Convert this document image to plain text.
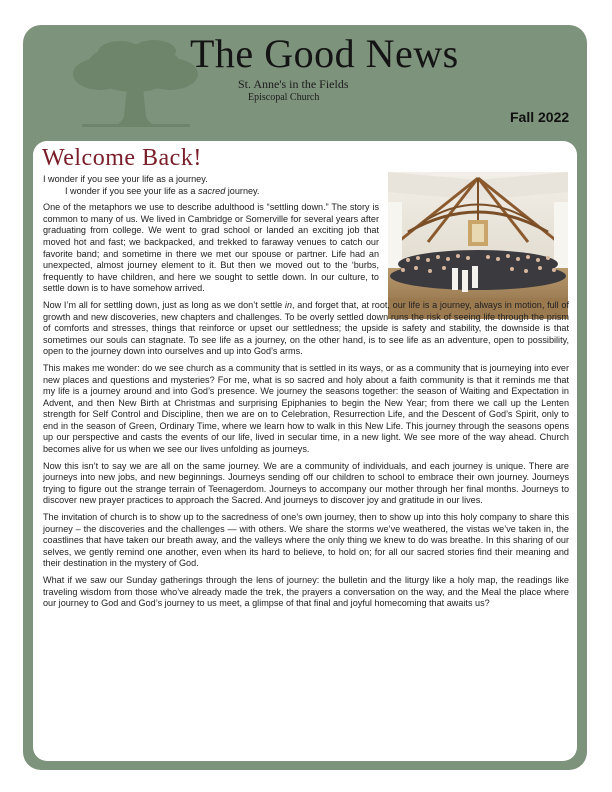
The Good News
St. Anne's in the Fields
Episcopal Church
Fall 2022
Welcome Back!

I wonder if you see your life as a journey.

I wonder if you see your life as a sacred journey.

One of the metaphors we use to describe adulthood is “settling down.” The story is common to many of us. We lived in Cambridge or Somerville for several years after graduating from college. We went to grad school or landed an exciting job that moved hot and fast; we backpacked, and trekked to faraway venues to catch our favorite band; and sometime in there we met our spouse or partner. Life had an unexpected, almost journey element to it. But then we moved out to the ‘burbs, frequently to have children, and here we sought to settle down. In our culture, to settle down is to have somehow arrived.

Now I’m all for settling down, just as long as we don’t settle in, and forget that, at root, our life is a journey, always in motion, full of growth and new discoveries, new chapters and challenges. To be overly settled down runs the risk of seeing life through the prism of comforts and stresses, things that reinforce or upset our settledness; the upside is safety and stability, the downside is that sometimes our souls can stagnate. To see life as a journey, on the other hand, is to see life as an adventure, open to possibility, open to the journey down into ourselves and up into God’s arms.

This makes me wonder: do we see church as a community that is settled in its ways, or as a community that is journeying into ever new places and questions and mysteries? For me, what is so sacred and holy about a faith community is that it reminds me that my life is a journey around and into God’s presence. We journey the seasons together: the season of Waiting and Expectation in Advent, and then New Birth at Christmas and surprising Epiphanies to begin the New Year; from there we call up the Lenten strength for Self Control and Discipline, then we are on to Celebration, Resurrection Life, and the Descent of God’s Spirit, only to end in the season of Green, Ordinary Time, where we learn how to walk in this New Life. This journey through the seasons opens up our perspective and casts the events of our life, lived in secular time, in a new light. We see more of the way ahead. Church becomes alive for us when we see our lives unfolding as journeys.

Now this isn’t to say we are all on the same journey. We are a community of individuals, and each journey is unique. There are journeys into new jobs, and new beginnings. Journeys sending off our children to school to embrace their own journey. Journeys trying to figure out the strange terrain of Teenagerdom. Journeys to accompany our mother through her final months. Journeys to discover new prayer practices to approach the Sacred. And journeys to discover joy and gratitude in our lives.

The invitation of church is to show up to the sacredness of one’s own journey, then to show up into this holy company to share this journey – the discoveries and the challenges — with others. We share the storms we’ve weathered, the vistas we’ve taken in, the coastlines that have taken our breath away, and the valleys where the only thing we knew to do was breathe. In this sharing of our selves, we gently remind one another, even when its hard to believe, to hold on; for all our sacred stories find their meaning and their destination in the mystery of God.

What if we saw our Sunday gatherings through the lens of journey: the bulletin and the liturgy like a holy map, the readings like traveling wisdom from those who’ve already made the trek, the prayers a conversation on the way, and the Meal the place where our journey to God and God’s journey to us meet, a glimpse of that final and joyful homecoming that awaits us?
